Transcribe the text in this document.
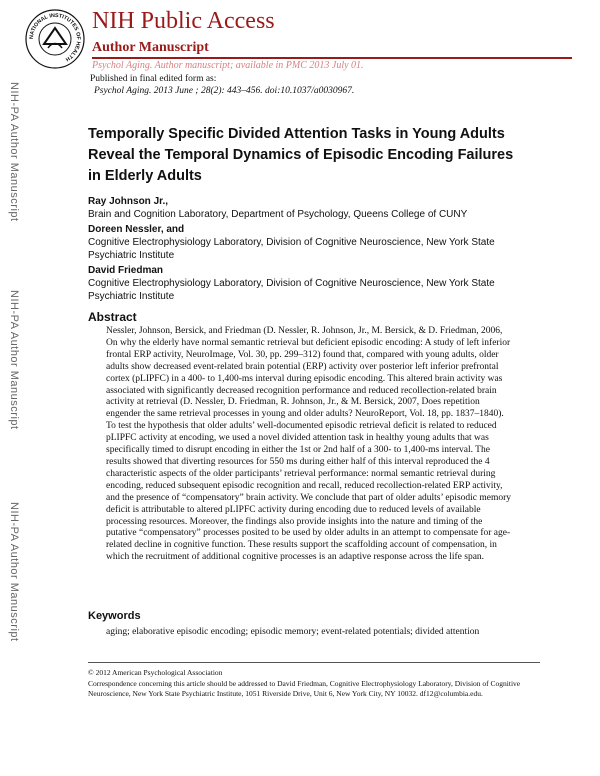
NATIONAL INSTITUTES OF HEALTH
NIH Public Access
Author Manuscript
Psychol Aging. Author manuscript; available in PMC 2013 July 01.
Published in final edited form as:
Psychol Aging. 2013 June ; 28(2): 443–456. doi:10.1037/a0030967.
NIH-PA Author Manuscript
NIH-PA Author Manuscript
NIH-PA Author Manuscript
Temporally Specific Divided Attention Tasks in Young Adults Reveal the Temporal Dynamics of Episodic Encoding Failures in Elderly Adults
Ray Johnson Jr.,
Brain and Cognition Laboratory, Department of Psychology, Queens College of CUNY
Doreen Nessler, and
Cognitive Electrophysiology Laboratory, Division of Cognitive Neuroscience, New York State Psychiatric Institute
David Friedman
Cognitive Electrophysiology Laboratory, Division of Cognitive Neuroscience, New York State Psychiatric Institute
Abstract
Nessler, Johnson, Bersick, and Friedman (D. Nessler, R. Johnson, Jr., M. Bersick, & D. Friedman, 2006, On why the elderly have normal semantic retrieval but deficient episodic encoding: A study of left inferior frontal ERP activity, NeuroImage, Vol. 30, pp. 299–312) found that, compared with young adults, older adults show decreased event-related brain potential (ERP) activity over posterior left inferior prefrontal cortex (pLIPFC) in a 400- to 1,400-ms interval during episodic encoding. This altered brain activity was associated with significantly decreased recognition performance and reduced recollection-related brain activity at retrieval (D. Nessler, D. Friedman, R. Johnson, Jr., & M. Bersick, 2007, Does repetition engender the same retrieval processes in young and older adults? NeuroReport, Vol. 18, pp. 1837–1840). To test the hypothesis that older adults’ well-documented episodic retrieval deficit is related to reduced pLIPFC activity at encoding, we used a novel divided attention task in healthy young adults that was specifically timed to disrupt encoding in either the 1st or 2nd half of a 300- to 1,400-ms interval. The results showed that diverting resources for 550 ms during either half of this interval reproduced the 4 characteristic aspects of the older participants’ retrieval performance: normal semantic retrieval during encoding, reduced subsequent episodic recognition and recall, reduced recollection-related ERP activity, and the presence of “compensatory” brain activity. We conclude that part of older adults’ episodic memory deficit is attributable to altered pLIPFC activity during encoding due to reduced levels of available processing resources. Moreover, the findings also provide insights into the nature and timing of the putative “compensatory” processes posited to be used by older adults in an attempt to compensate for age-related decline in cognitive function. These results support the scaffolding account of compensation, in which the recruitment of additional cognitive processes is an adaptive response across the life span.
Keywords
aging; elaborative episodic encoding; episodic memory; event-related potentials; divided attention
© 2012 American Psychological Association
Correspondence concerning this article should be addressed to David Friedman, Cognitive Electrophysiology Laboratory, Division of Cognitive Neuroscience, New York State Psychiatric Institute, 1051 Riverside Drive, Unit 6, New York City, NY 10032. df12@columbia.edu.
